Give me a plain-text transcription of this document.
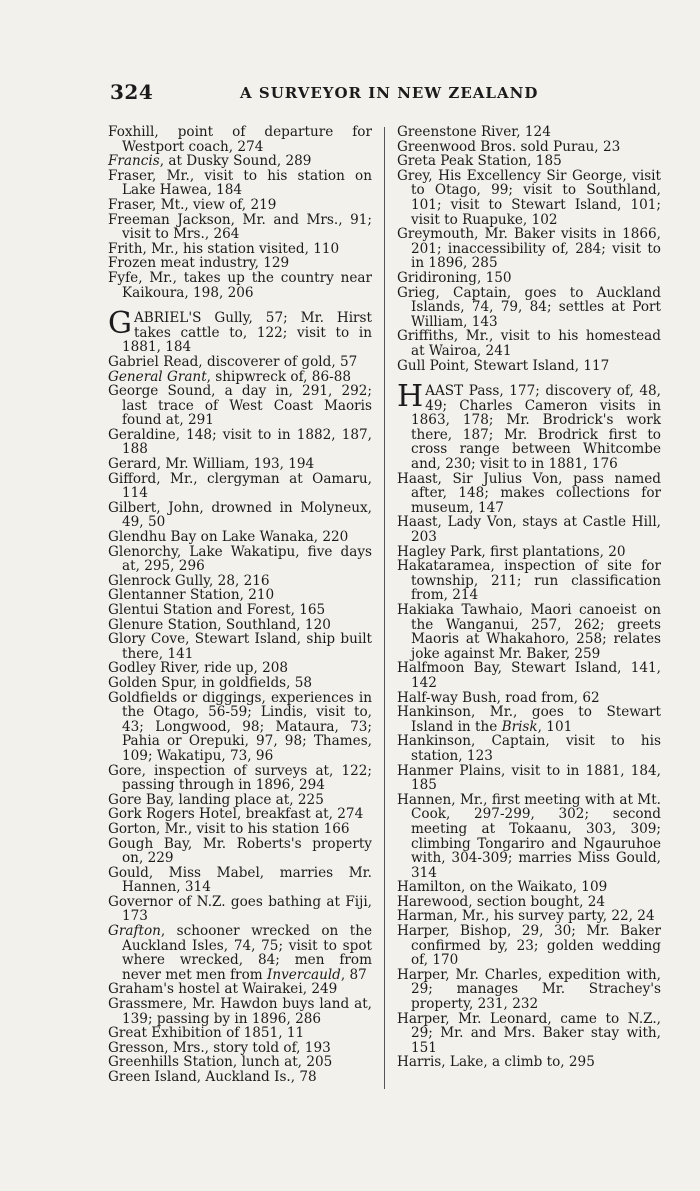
324	A SURVEYOR IN NEW ZEALAND
Foxhill, point of departure for Westport coach, 274
Francis, at Dusky Sound, 289
Fraser, Mr., visit to his station on Lake Hawea, 184
Fraser, Mt., view of, 219
Freeman Jackson, Mr. and Mrs., 91; visit to Mrs., 264
Frith, Mr., his station visited, 110
Frozen meat industry, 129
Fyfe, Mr., takes up the country near Kaikoura, 198, 206
GABRIEL'S Gully, 57; Mr. Hirst takes cattle to, 122; visit to in 1881, 184
Gabriel Read, discoverer of gold, 57
General Grant, shipwreck of, 86-88
George Sound, a day in, 291, 292; last trace of West Coast Maoris found at, 291
Geraldine, 148; visit to in 1882, 187, 188
Gerard, Mr. William, 193, 194
Gifford, Mr., clergyman at Oamaru, 114
Gilbert, John, drowned in Molyneux, 49, 50
Glendhu Bay on Lake Wanaka, 220
Glenorchy, Lake Wakatipu, five days at, 295, 296
Glenrock Gully, 28, 216
Glentanner Station, 210
Glentui Station and Forest, 165
Glenure Station, Southland, 120
Glory Cove, Stewart Island, ship built there, 141
Godley River, ride up, 208
Golden Spur, in goldfields, 58
Goldfields or diggings, experiences in the Otago, 56-59; Lindis, visit to, 43; Longwood, 98; Mataura, 73; Pahia or Orepuki, 97, 98; Thames, 109; Wakatipu, 73, 96
Gore, inspection of surveys at, 122; passing through in 1896, 294
Gore Bay, landing place at, 225
Gork Rogers Hotel, breakfast at, 274
Gorton, Mr., visit to his station 166
Gough Bay, Mr. Roberts's property on, 229
Gould, Miss Mabel, marries Mr. Hannen, 314
Governor of N.Z. goes bathing at Fiji, 173
Grafton, schooner wrecked on the Auckland Isles, 74, 75; visit to spot where wrecked, 84; men from never met men from Invercauld, 87
Graham's hostel at Wairakei, 249
Grassmere, Mr. Hawdon buys land at, 139; passing by in 1896, 286
Great Exhibition of 1851, 11
Gresson, Mrs., story told of, 193
Greenhills Station, lunch at, 205
Green Island, Auckland Is., 78
Greenstone River, 124
Greenwood Bros. sold Purau, 23
Greta Peak Station, 185
Grey, His Excellency Sir George, visit to Otago, 99; visit to Southland, 101; visit to Stewart Island, 101; visit to Ruapuke, 102
Greymouth, Mr. Baker visits in 1866, 201; inaccessibility of, 284; visit to in 1896, 285
Gridironing, 150
Grieg, Captain, goes to Auckland Islands, 74, 79, 84; settles at Port William, 143
Griffiths, Mr., visit to his homestead at Wairoa, 241
Gull Point, Stewart Island, 117
HAAST Pass, 177; discovery of, 48, 49; Charles Cameron visits in 1863, 178; Mr. Brodrick's work there, 187; Mr. Brodrick first to cross range between Whitcombe and, 230; visit to in 1881, 176
Haast, Sir Julius Von, pass named after, 148; makes collections for museum, 147
Haast, Lady Von, stays at Castle Hill, 203
Hagley Park, first plantations, 20
Hakataramea, inspection of site for township, 211; run classification from, 214
Hakiaka Tawhaio, Maori canoeist on the Wanganui, 257, 262; greets Maoris at Whakahoro, 258; relates joke against Mr. Baker, 259
Halfmoon Bay, Stewart Island, 141, 142
Half-way Bush, road from, 62
Hankinson, Mr., goes to Stewart Island in the Brisk, 101
Hankinson, Captain, visit to his station, 123
Hanmer Plains, visit to in 1881, 184, 185
Hannen, Mr., first meeting with at Mt. Cook, 297-299, 302; second meeting at Tokaanu, 303, 309; climbing Tongariro and Ngauruhoe with, 304-309; marries Miss Gould, 314
Hamilton, on the Waikato, 109
Harewood, section bought, 24
Harman, Mr., his survey party, 22, 24
Harper, Bishop, 29, 30; Mr. Baker confirmed by, 23; golden wedding of, 170
Harper, Mr. Charles, expedition with, 29; manages Mr. Strachey's property, 231, 232
Harper, Mr. Leonard, came to N.Z., 29; Mr. and Mrs. Baker stay with, 151
Harris, Lake, a climb to, 295
